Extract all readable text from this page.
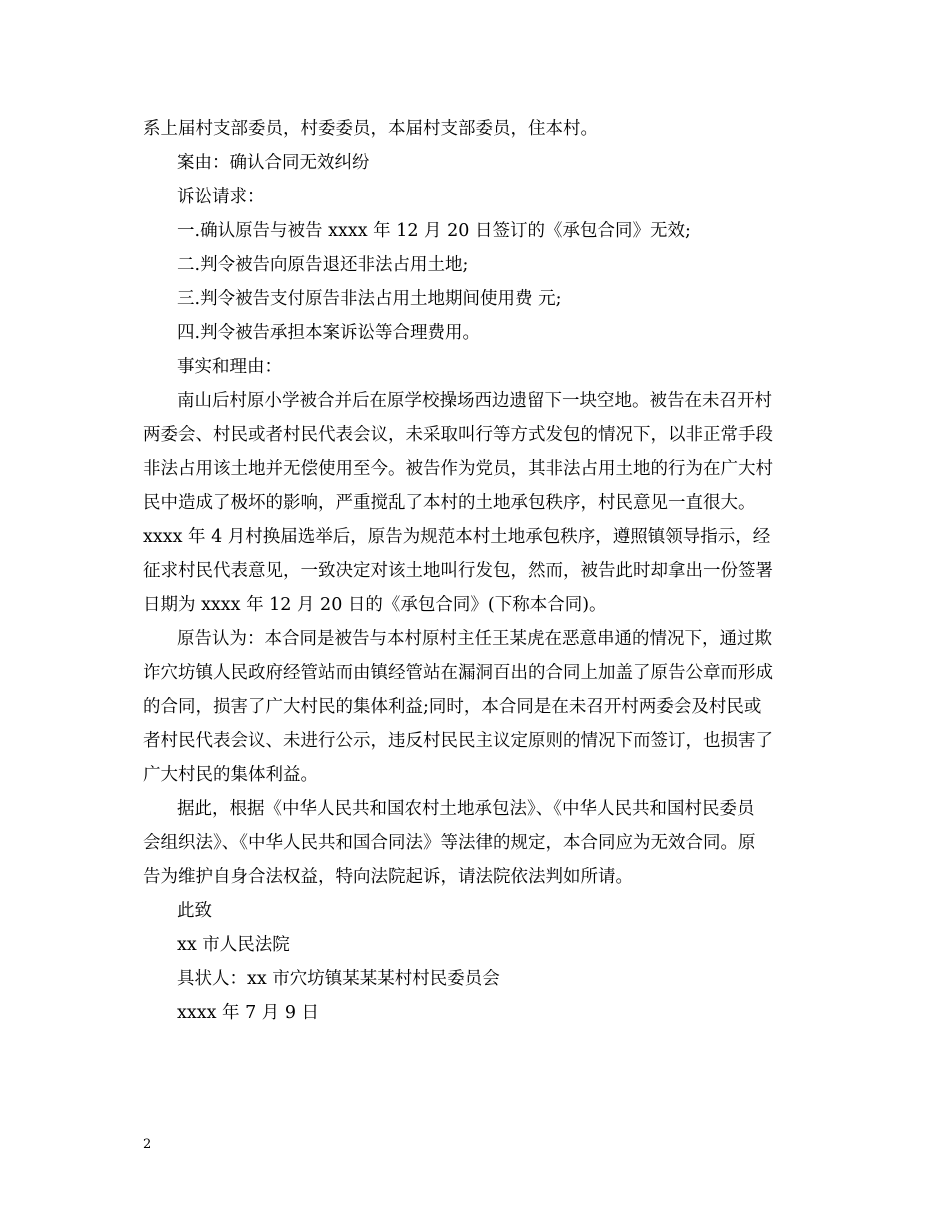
系上届村支部委员，村委委员，本届村支部委员，住本村。
案由：确认合同无效纠纷
诉讼请求：
一.确认原告与被告 xxxx 年 12 月 20 日签订的《承包合同》无效;
二.判令被告向原告退还非法占用土地;
三.判令被告支付原告非法占用土地期间使用费 元;
四.判令被告承担本案诉讼等合理费用。
事实和理由：
南山后村原小学被合并后在原学校操场西边遗留下一块空地。被告在未召开村
两委会、村民或者村民代表会议，未采取叫行等方式发包的情况下，以非正常手段
非法占用该土地并无偿使用至今。被告作为党员，其非法占用土地的行为在广大村
民中造成了极坏的影响，严重搅乱了本村的土地承包秩序，村民意见一直很大。
xxxx 年 4 月村换届选举后，原告为规范本村土地承包秩序，遵照镇领导指示，经
征求村民代表意见，一致决定对该土地叫行发包，然而，被告此时却拿出一份签署
日期为 xxxx 年 12 月 20 日的《承包合同》(下称本合同)。
原告认为：本合同是被告与本村原村主任王某虎在恶意串通的情况下，通过欺
诈穴坊镇人民政府经管站而由镇经管站在漏洞百出的合同上加盖了原告公章而形成
的合同，损害了广大村民的集体利益;同时，本合同是在未召开村两委会及村民或
者村民代表会议、未进行公示，违反村民民主议定原则的情况下而签订，也损害了
广大村民的集体利益。
据此，根据《中华人民共和国农村土地承包法》、《中华人民共和国村民委员
会组织法》、《中华人民共和国合同法》等法律的规定，本合同应为无效合同。原
告为维护自身合法权益，特向法院起诉，请法院依法判如所请。
此致
xx 市人民法院
具状人：xx 市穴坊镇某某某村村民委员会
xxxx 年 7 月 9 日
2
